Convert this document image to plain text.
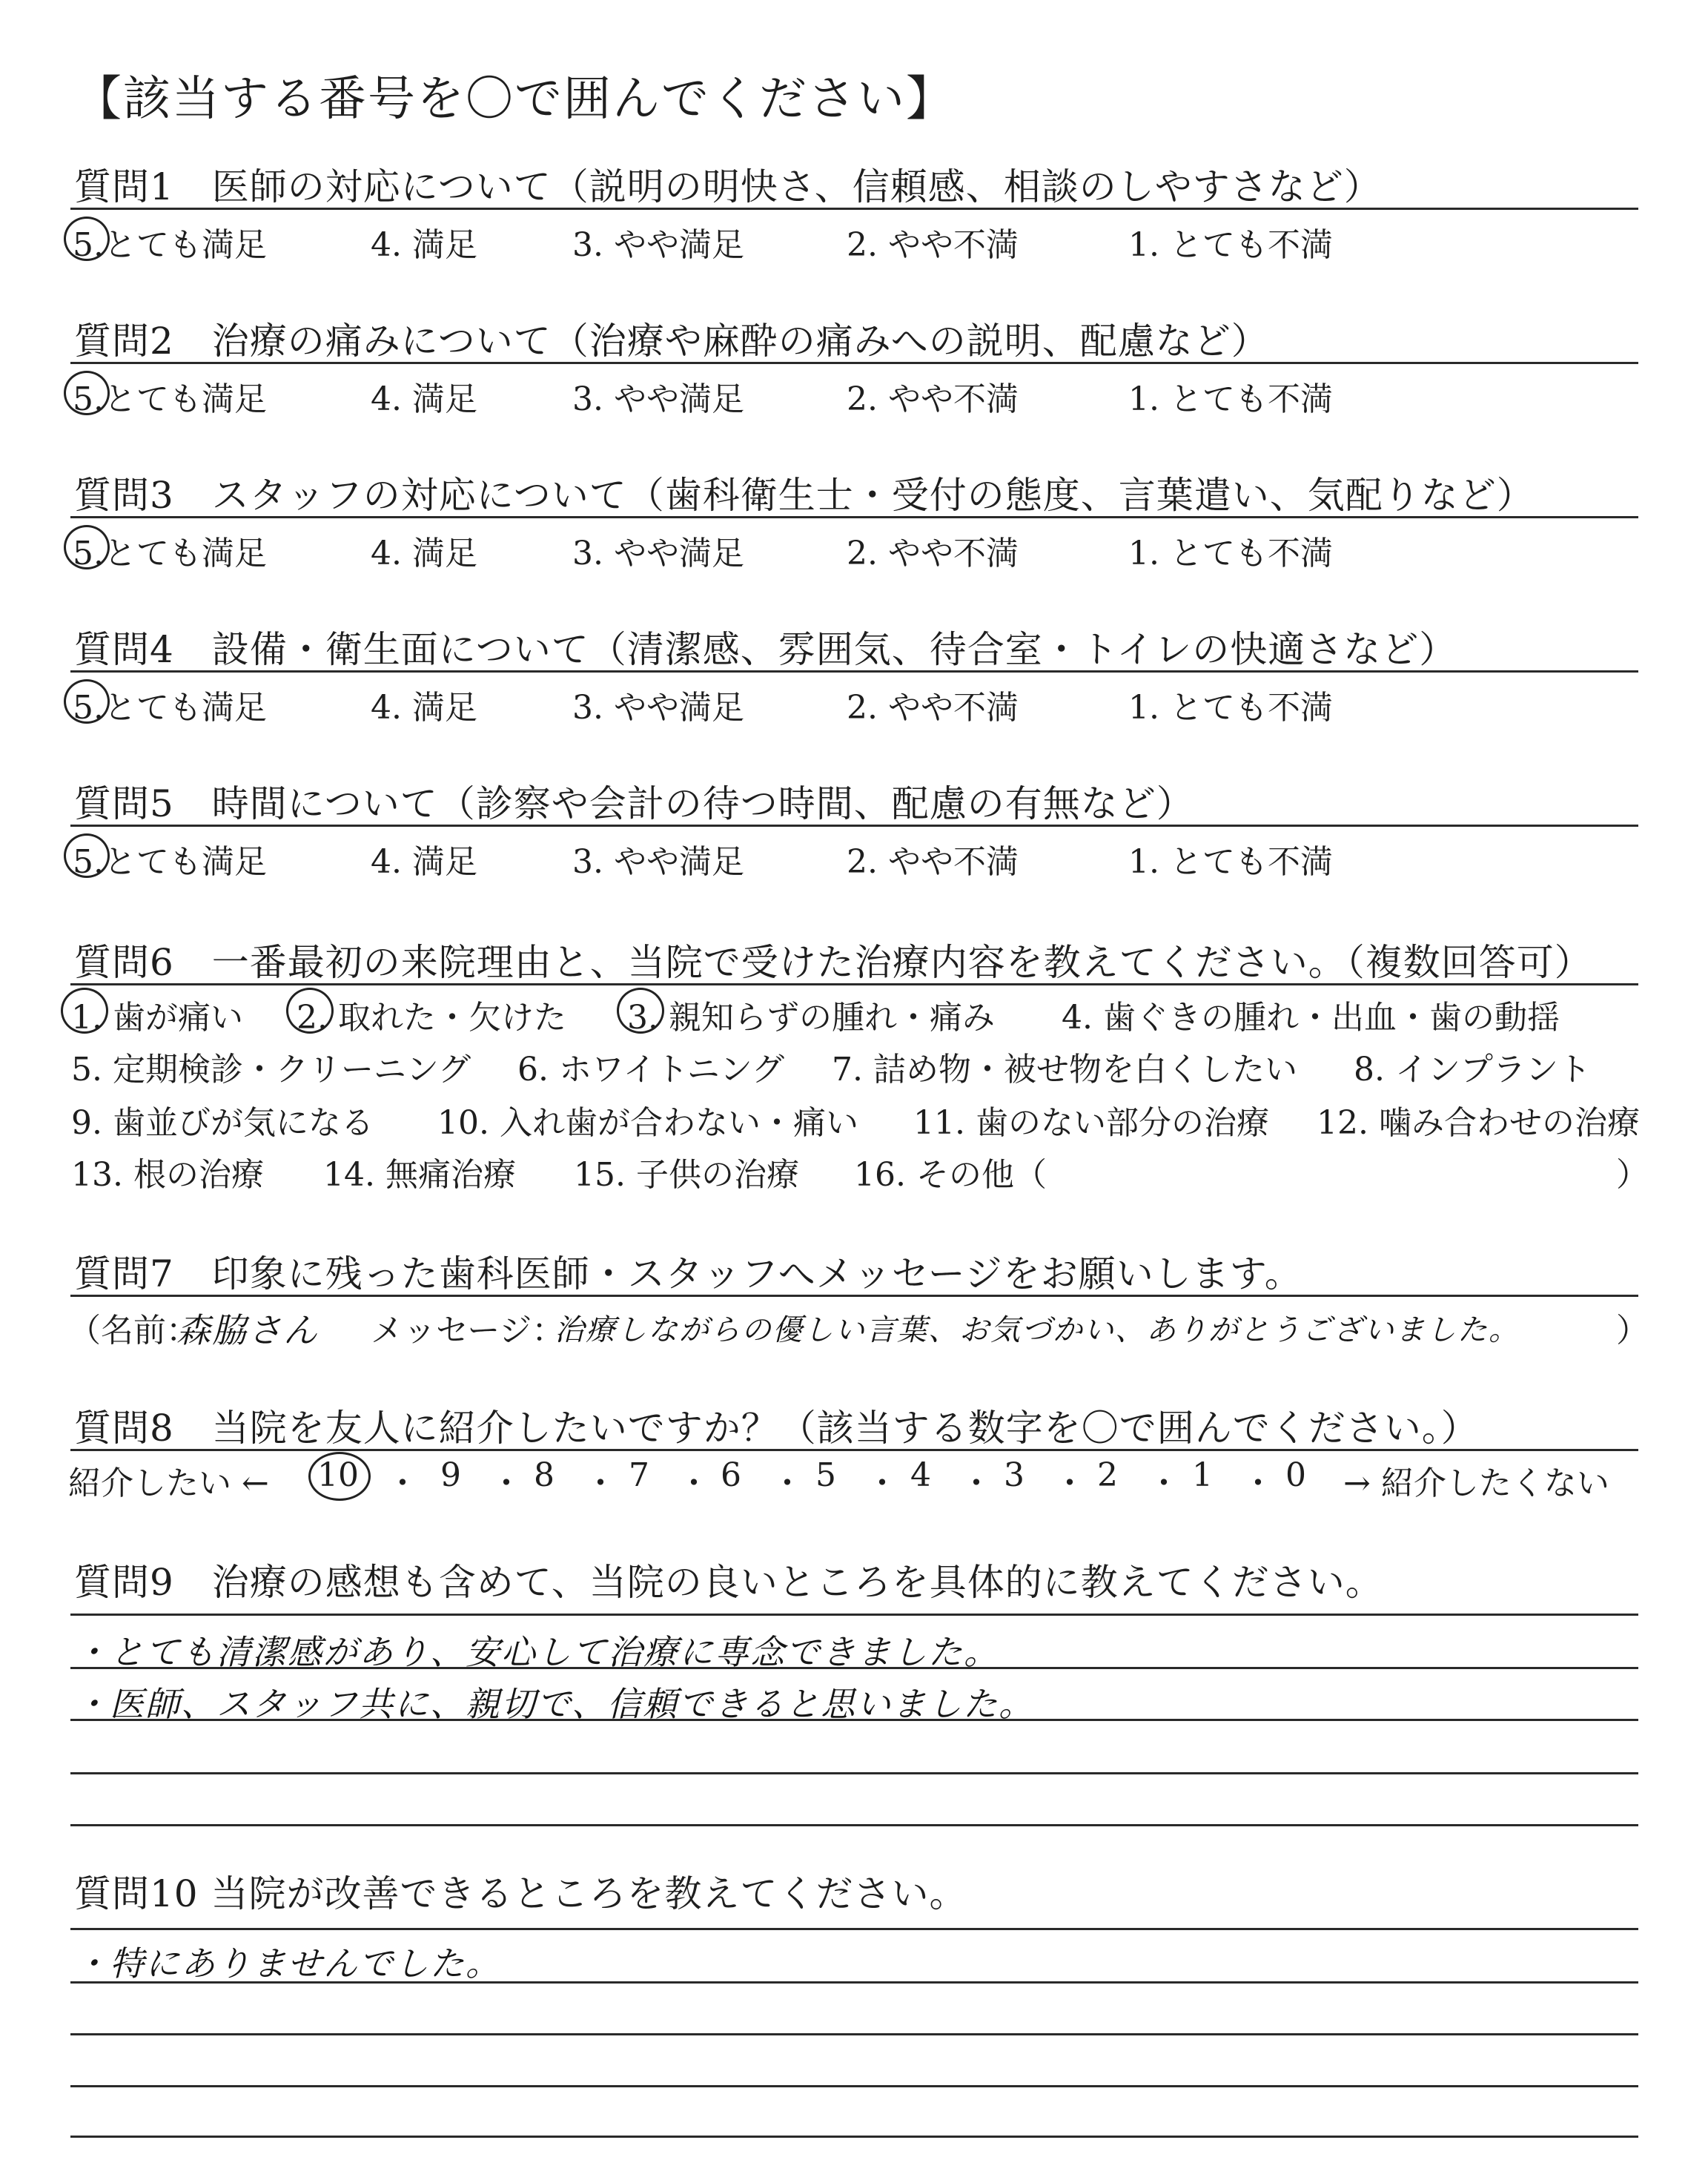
【該当する番号を〇で囲んでください】
質問1　医師の対応について（説明の明快さ、信頼感、相談のしやすさなど）
5.とても満足	4. 満足	3. やや満足	2. やや不満	1. とても不満
質問2　治療の痛みについて（治療や麻酔の痛みへの説明、配慮など）
5.とても満足	4. 満足	3. やや満足	2. やや不満	1. とても不満
質問3　スタッフの対応について（歯科衛生士・受付の態度、言葉遣い、気配りなど）
5.とても満足	4. 満足	3. やや満足	2. やや不満	1. とても不満
質問4　設備・衛生面について（清潔感、雰囲気、待合室・トイレの快適さなど）
5.とても満足	4. 満足	3. やや満足	2. やや不満	1. とても不満
質問5　時間について（診察や会計の待つ時間、配慮の有無など）
5.とても満足	4. 満足	3. やや満足	2. やや不満	1. とても不満
質問6　一番最初の来院理由と、当院で受けた治療内容を教えてください。（複数回答可）
1. 歯が痛い 2. 取れた・欠けた 3. 親知らずの腫れ・痛み 4. 歯ぐきの腫れ・出血・歯の動揺
5. 定期検診・クリーニング 6. ホワイトニング 7. 詰め物・被せ物を白くしたい 8. インプラント
9. 歯並びが気になる 10. 入れ歯が合わない・痛い 11. 歯のない部分の治療 12. 噛み合わせの治療
13. 根の治療 14. 無痛治療 15. 子供の治療 16. その他（	）
質問7　印象に残った歯科医師・スタッフへメッセージをお願いします。
（名前：
森脇さん メッセージ：
治療しながらの優しい言葉、お気づかい、ありがとうございました。	）
質問8　当院を友人に紹介したいですか？（該当する数字を〇で囲んでください。）
紹介したい ← 10 ・ 9 ・ 8 ・ 7 ・ 6 ・ 5 ・ 4 ・ 3 ・ 2 ・ 1 ・ 0 → 紹介したくない
質問9　治療の感想も含めて、当院の良いところを具体的に教えてください。
・とても清潔感があり、安心して治療に専念できました。
・医師、スタッフ共に、親切で、信頼できると思いました。
質問10 当院が改善できるところを教えてください。
・特にありませんでした。
